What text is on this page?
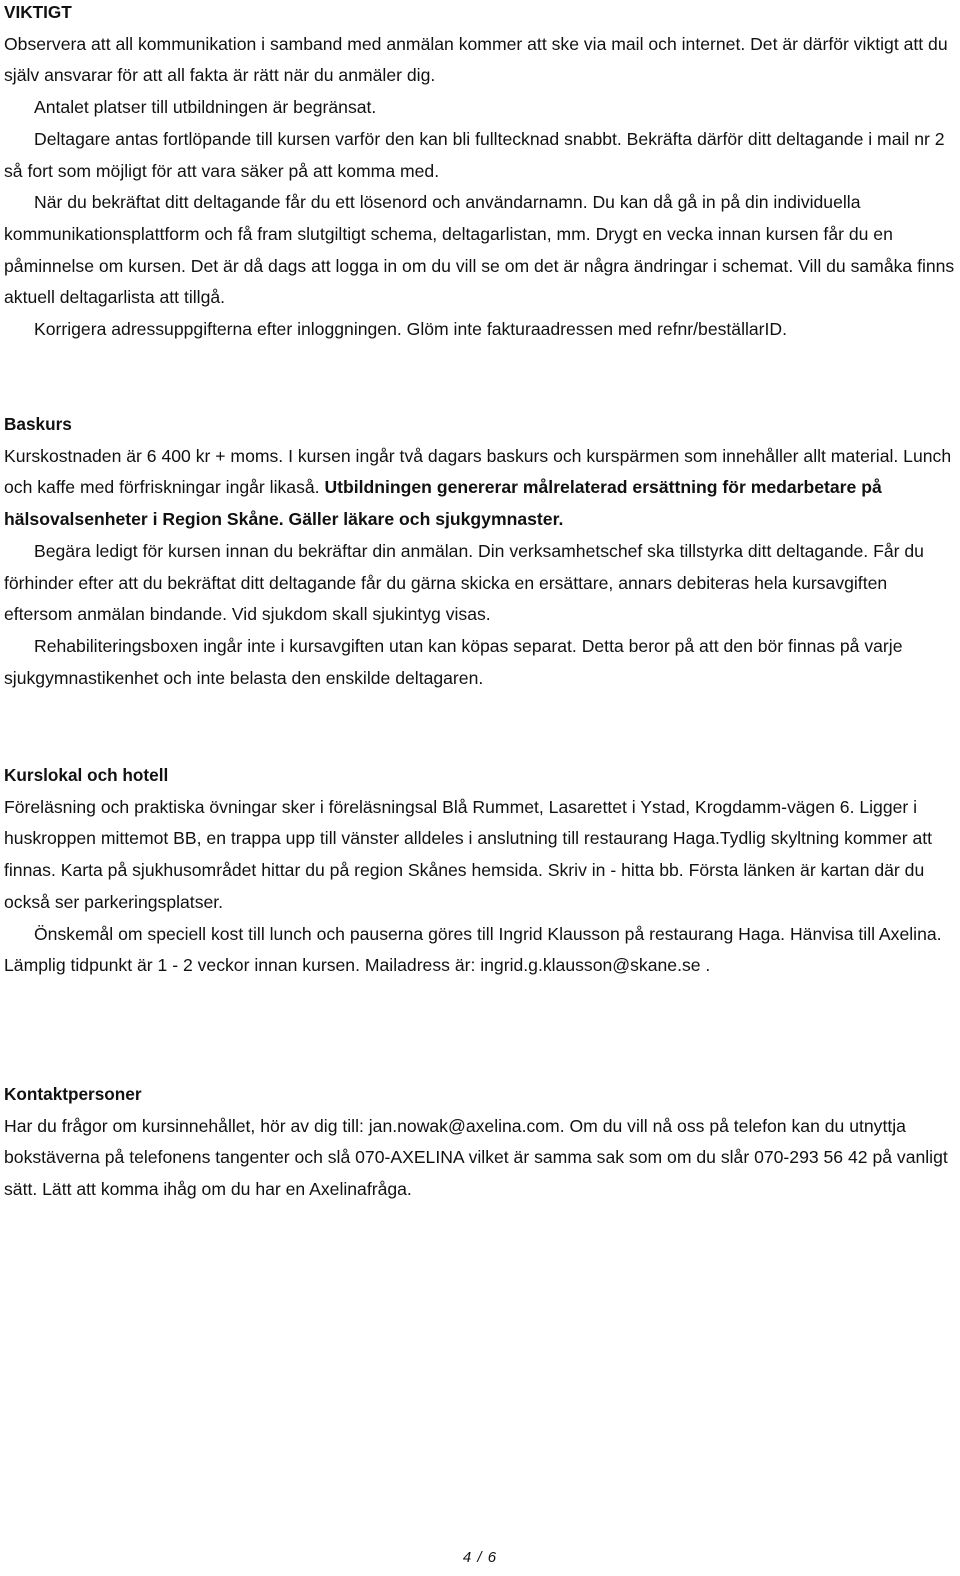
VIKTIGT

Observera att all kommunikation i samband med anmälan kommer att ske via mail och internet. Det är därför viktigt att du själv ansvarar för att all fakta är rätt när du anmäler dig.

Antalet platser till utbildningen är begränsat.

Deltagare antas fortlöpande till kursen varför den kan bli fulltecknad snabbt. Bekräfta därför ditt deltagande i mail nr 2 så fort som möjligt för att vara säker på att komma med.

När du bekräftat ditt deltagande får du ett lösenord och användarnamn. Du kan då gå in på din individuella kommunikationsplattform och få fram slutgiltigt schema, deltagarlistan, mm. Drygt en vecka innan kursen får du en påminnelse om kursen. Det är då dags att logga in om du vill se om det är några ändringar i schemat. Vill du samåka finns aktuell deltagarlista att tillgå.

Korrigera adressuppgifterna efter inloggningen. Glöm inte fakturaadressen med refnr/beställarID.

Baskurs

Kurskostnaden är 6 400 kr + moms. I kursen ingår två dagars baskurs och kurspärmen som innehåller allt material. Lunch och kaffe med förfriskningar ingår likaså. Utbildningen genererar målrelaterad ersättning för medarbetare på hälsovalsenheter i Region Skåne. Gäller läkare och sjukgymnaster.

Begära ledigt för kursen innan du bekräftar din anmälan. Din verksamhetschef ska tillstyrka ditt deltagande. Får du förhinder efter att du bekräftat ditt deltagande får du gärna skicka en ersättare, annars debiteras hela kursavgiften eftersom anmälan bindande. Vid sjukdom skall sjukintyg visas.

Rehabiliteringsboxen ingår inte i kursavgiften utan kan köpas separat. Detta beror på att den bör finnas på varje sjukgymnastikenhet och inte belasta den enskilde deltagaren.

Kurslokal och hotell

Föreläsning och praktiska övningar sker i föreläsningsal Blå Rummet, Lasarettet i Ystad, Krogdamm-vägen 6. Ligger i huskroppen mittemot BB, en trappa upp till vänster alldeles i anslutning till restaurang Haga.Tydlig skyltning kommer att finnas. Karta på sjukhusområdet hittar du på region Skånes hemsida. Skriv in - hitta bb. Första länken är kartan där du också ser parkeringsplatser.

Önskemål om speciell kost till lunch och pauserna göres till Ingrid Klausson på restaurang Haga. Hänvisa till Axelina. Lämplig tidpunkt är 1 - 2 veckor innan kursen. Mailadress är: ingrid.g.klausson@skane.se .

Kontaktpersoner

Har du frågor om kursinnehållet, hör av dig till: jan.nowak@axelina.com. Om du vill nå oss på telefon kan du utnyttja bokstäverna på telefonens tangenter och slå 070-AXELINA vilket är samma sak som om du slår 070-293 56 42 på vanligt sätt. Lätt att komma ihåg om du har en Axelinafråga.

4 / 6
